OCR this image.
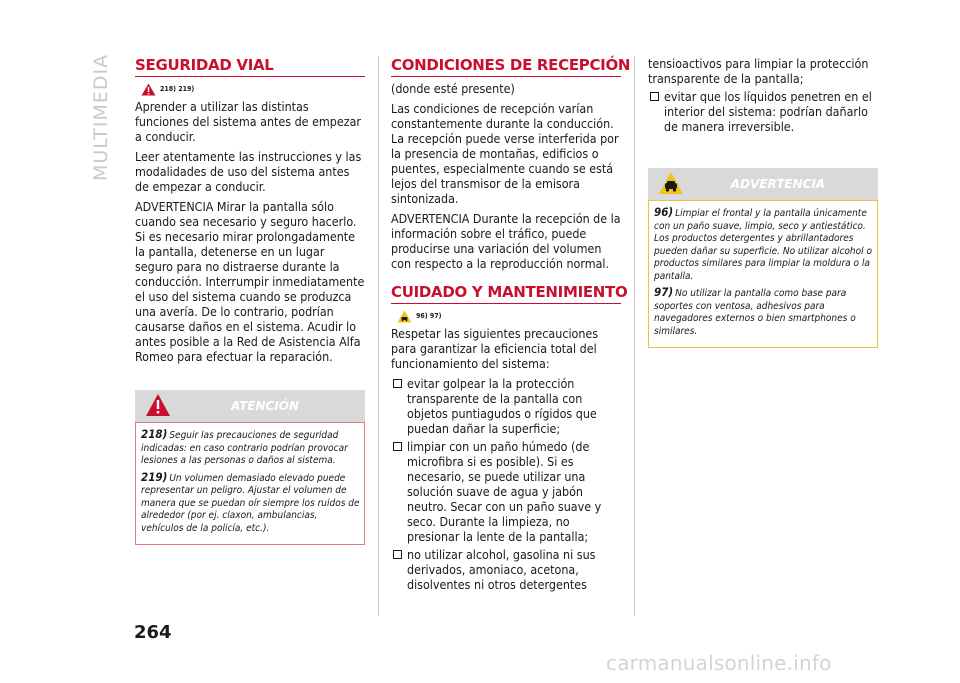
MULTIMEDIA SEGURIDAD VIAL
218) 219)

Aprender a utilizar las distintas funciones del sistema antes de empezar a conducir.

Leer atentamente las instrucciones y las modalidades de uso del sistema antes de empezar a conducir.

ADVERTENCIA Mirar la pantalla sólo cuando sea necesario y seguro hacerlo. Si es necesario mirar prolongadamente la pantalla, detenerse en un lugar seguro para no distraerse durante la conducción. Interrumpir inmediatamente el uso del sistema cuando se produzca una avería. De lo contrario, podrían causarse daños en el sistema. Acudir lo antes posible a la Red de Asistencia Alfa Romeo para efectuar la reparación.

ATENCIÓN

218) Seguir las precauciones de seguridad indicadas: en caso contrario podrían provocar lesiones a las personas o daños al sistema.

219) Un volumen demasiado elevado puede representar un peligro. Ajustar el volumen de manera que se puedan oír siempre los ruidos de alrededor (por ej. claxon, ambulancias, vehículos de la policía, etc.).

CONDICIONES DE RECEPCIÓN

(donde esté presente)

Las condiciones de recepción varían constantemente durante la conducción. La recepción puede verse interferida por la presencia de montañas, edificios o puentes, especialmente cuando se está lejos del transmisor de la emisora sintonizada.

ADVERTENCIA Durante la recepción de la información sobre el tráfico, puede producirse una variación del volumen con respecto a la reproducción normal.

CUIDADO Y MANTENIMIENTO
96) 97)

Respetar las siguientes precauciones para garantizar la eficiencia total del funcionamiento del sistema:

evitar golpear la la protección transparente de la pantalla con objetos puntiagudos o rígidos que puedan dañar la superficie;
limpiar con un paño húmedo (de microfibra si es posible). Si es necesario, se puede utilizar una solución suave de agua y jabón neutro. Secar con un paño suave y seco. Durante la limpieza, no presionar la lente de la pantalla;
no utilizar alcohol, gasolina ni sus derivados, amoniaco, acetona, disolventes ni otros detergentes

tensioactivos para limpiar la protección transparente de la pantalla;

evitar que los líquidos penetren en el interior del sistema: podrían dañarlo de manera irreversible.
ADVERTENCIA

96) Limpiar el frontal y la pantalla únicamente con un paño suave, limpio, seco y antiestático. Los productos detergentes y abrillantadores pueden dañar su superficie. No utilizar alcohol o productos similares para limpiar la moldura o la pantalla.

97) No utilizar la pantalla como base para soportes con ventosa, adhesivos para navegadores externos o bien smartphones o similares.

264
carmanualsonline.info
